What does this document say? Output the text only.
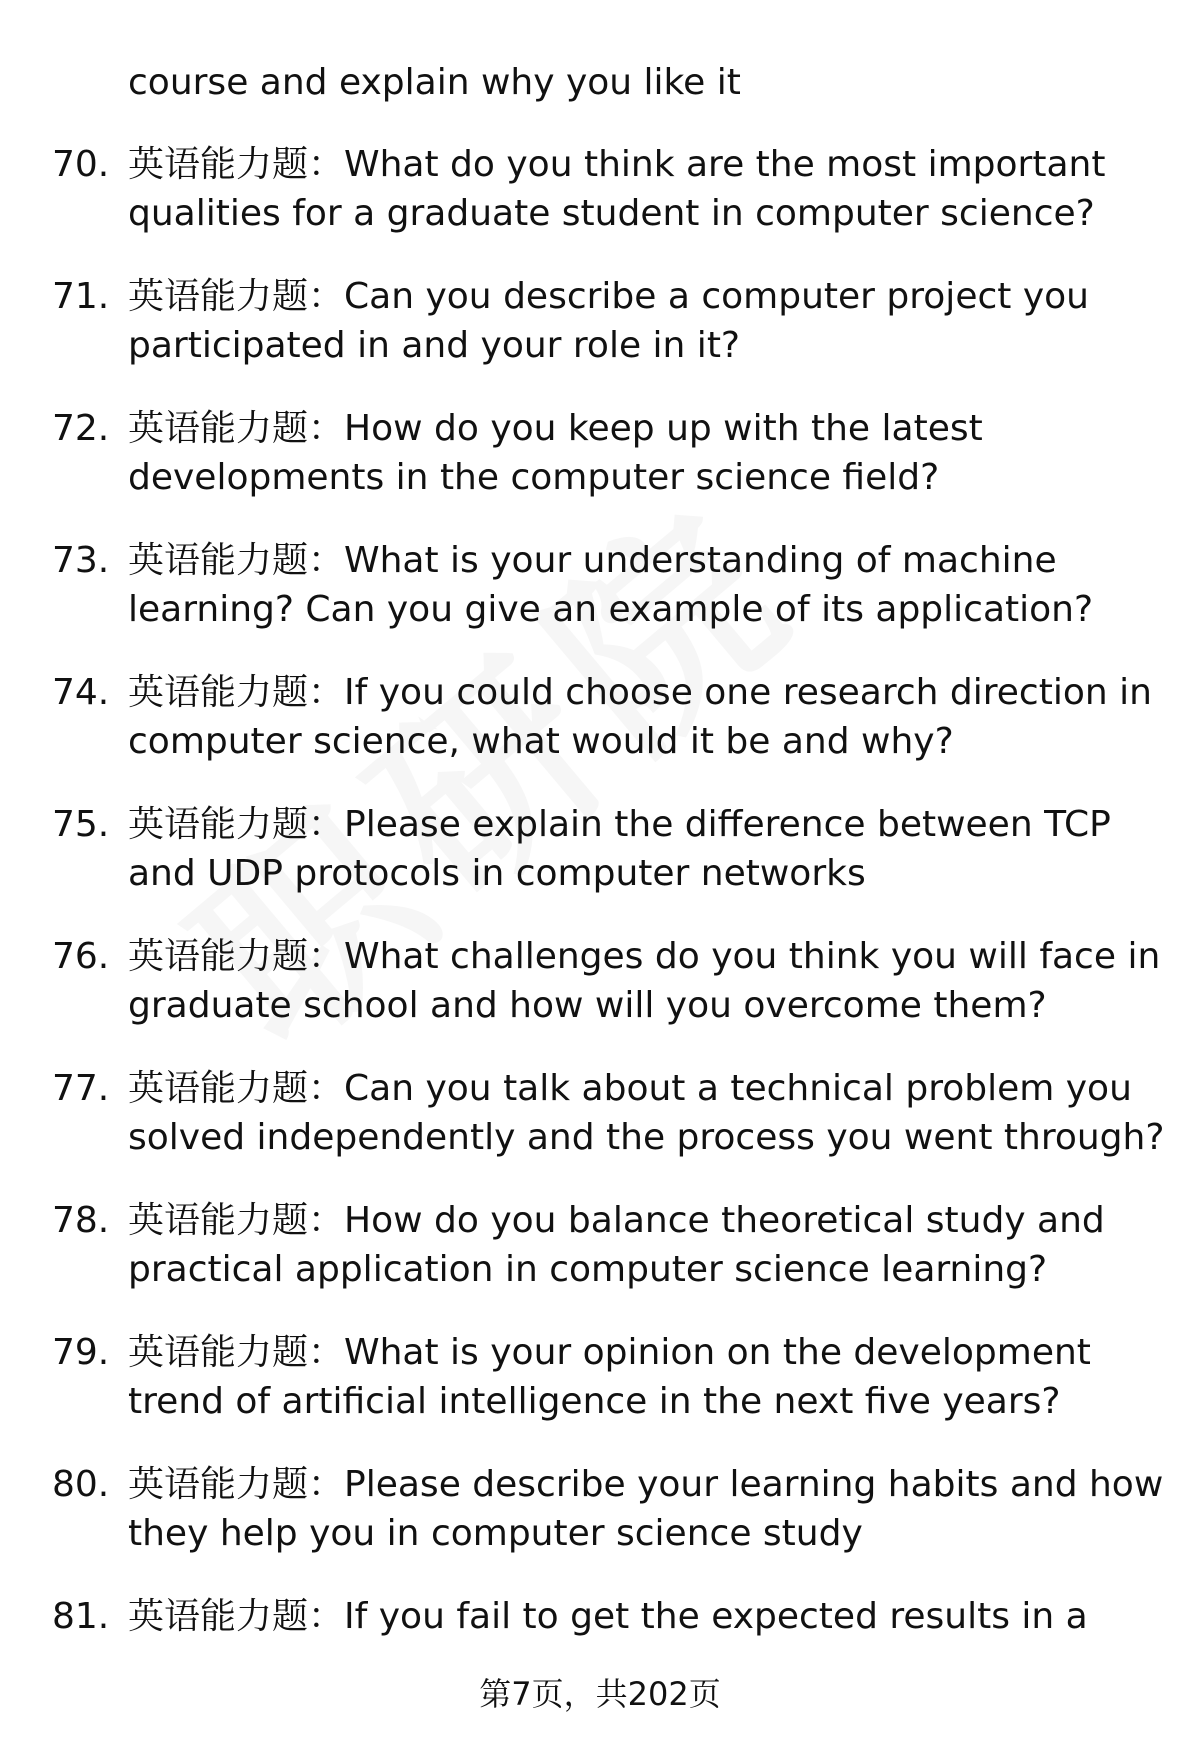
course and explain why you like it
70. 英语能力题：What do you think are the most important qualities for a graduate student in computer science?
71. 英语能力题：Can you describe a computer project you participated in and your role in it?
72. 英语能力题：How do you keep up with the latest developments in the computer science field?
73. 英语能力题：What is your understanding of machine learning? Can you give an example of its application?
74. 英语能力题：If you could choose one research direction in computer science, what would it be and why?
75. 英语能力题：Please explain the difference between TCP and UDP protocols in computer networks
76. 英语能力题：What challenges do you think you will face in graduate school and how will you overcome them?
77. 英语能力题：Can you talk about a technical problem you solved independently and the process you went through?
78. 英语能力题：How do you balance theoretical study and practical application in computer science learning?
79. 英语能力题：What is your opinion on the development trend of artificial intelligence in the next five years?
80. 英语能力题：Please describe your learning habits and how they help you in computer science study
81. 英语能力题：If you fail to get the expected results in a
第7页，共202页
